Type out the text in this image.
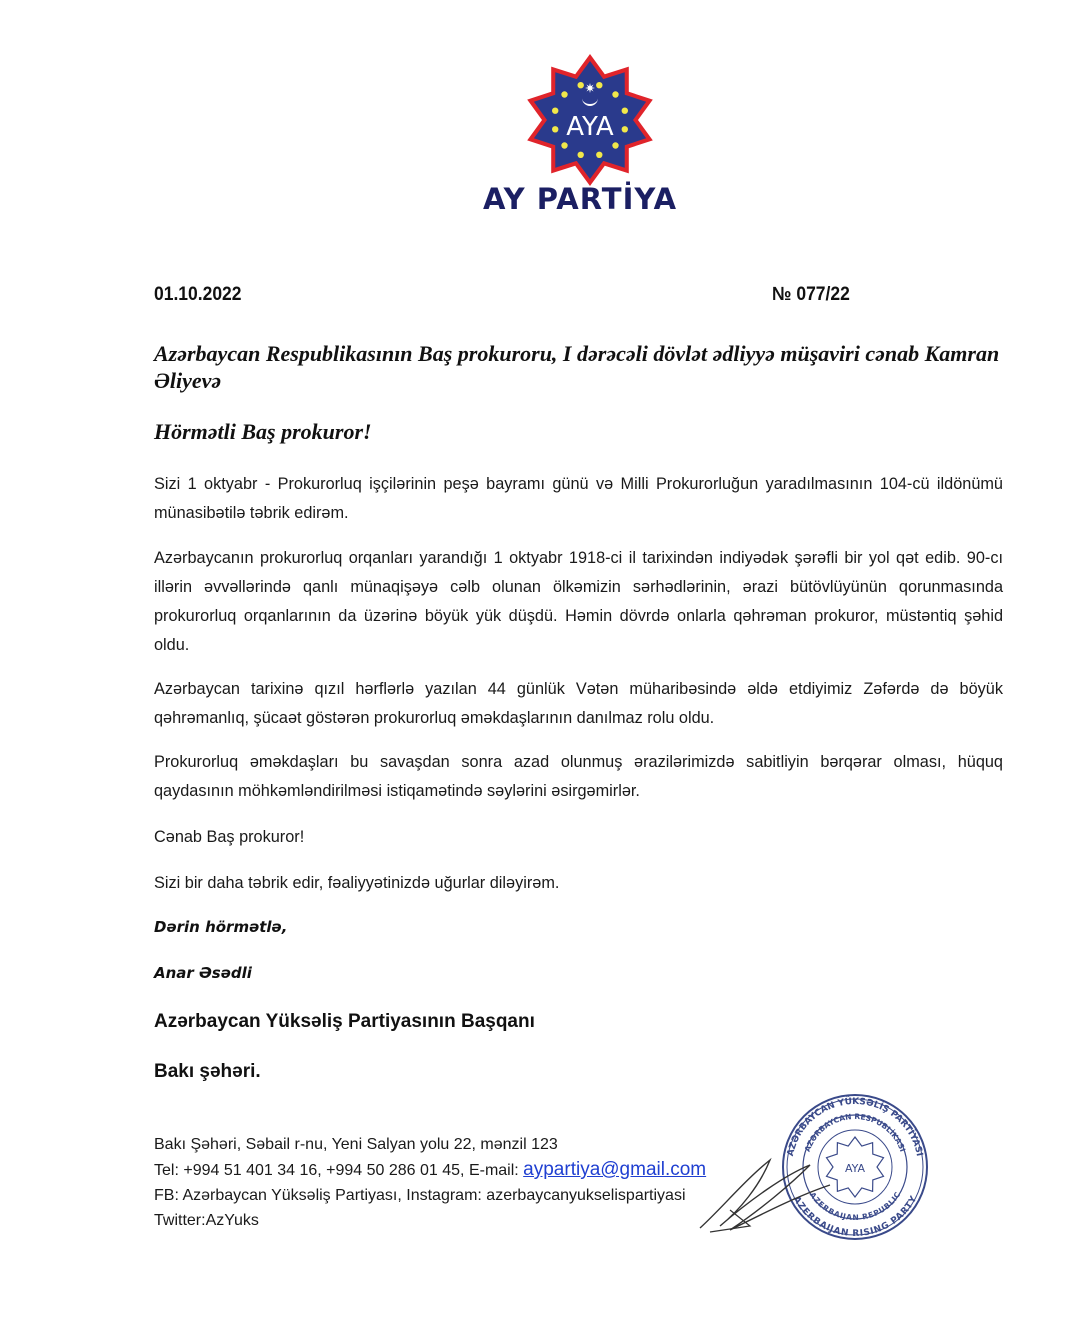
AYA
AY PARTİYA
01.10.2022	№ 077/22
Azərbaycan Respublikasının Baş prokuroru, I dərəcəli dövlət ədliyyə müşaviri cənab Kamran Əliyevə
Hörmətli Baş prokuror!
Sizi 1 oktyabr - Prokurorluq işçilərinin peşə bayramı günü və Milli Prokurorluğun yaradılmasının 104-cü ildönümü münasibətilə təbrik edirəm.
Azərbaycanın prokurorluq orqanları yarandığı 1 oktyabr 1918-ci il tarixindən indiyədək şərəfli bir yol qət edib. 90-cı illərin əvvəllərində qanlı münaqişəyə cəlb olunan ölkəmizin sərhədlərinin, ərazi bütövlüyünün qorunmasında prokurorluq orqanlarının da üzərinə böyük yük düşdü. Həmin dövrdə onlarla qəhrəman prokuror, müstəntiq şəhid oldu.
Azərbaycan tarixinə qızıl hərflərlə yazılan 44 günlük Vətən müharibəsində əldə etdiyimiz Zəfərdə də böyük qəhrəmanlıq, şücaət göstərən prokurorluq əməkdaşlarının danılmaz rolu oldu.
Prokurorluq əməkdaşları bu savaşdan sonra azad olunmuş ərazilərimizdə sabitliyin bərqərar olması, hüquq qaydasının möhkəmləndirilməsi istiqamətində səylərini əsirgəmirlər.
Cənab Baş prokuror!
Sizi bir daha təbrik edir, fəaliyyətinizdə uğurlar diləyirəm.
Dərin hörmətlə,
Anar Əsədli
Azərbaycan Yüksəliş Partiyasının Başqanı
Bakı şəhəri.
Bakı Şəhəri, Səbail r-nu, Yeni Salyan yolu 22, mənzil 123
Tel: +994 51 401 34 16, +994 50 286 01 45, E-mail: aypartiya@gmail.com
FB: Azərbaycan Yüksəliş Partiyası, Instagram: azerbaycanyukselispartiyasi
Twitter:AzYuks
AZƏRBAYCAN YÜKSƏLİŞ PARTİYASI
AZERBAIJAN RISING PARTY
AZƏRBAYCAN RESPUBLİKASI
AZERBAIJAN REPUBLIC
AYA
